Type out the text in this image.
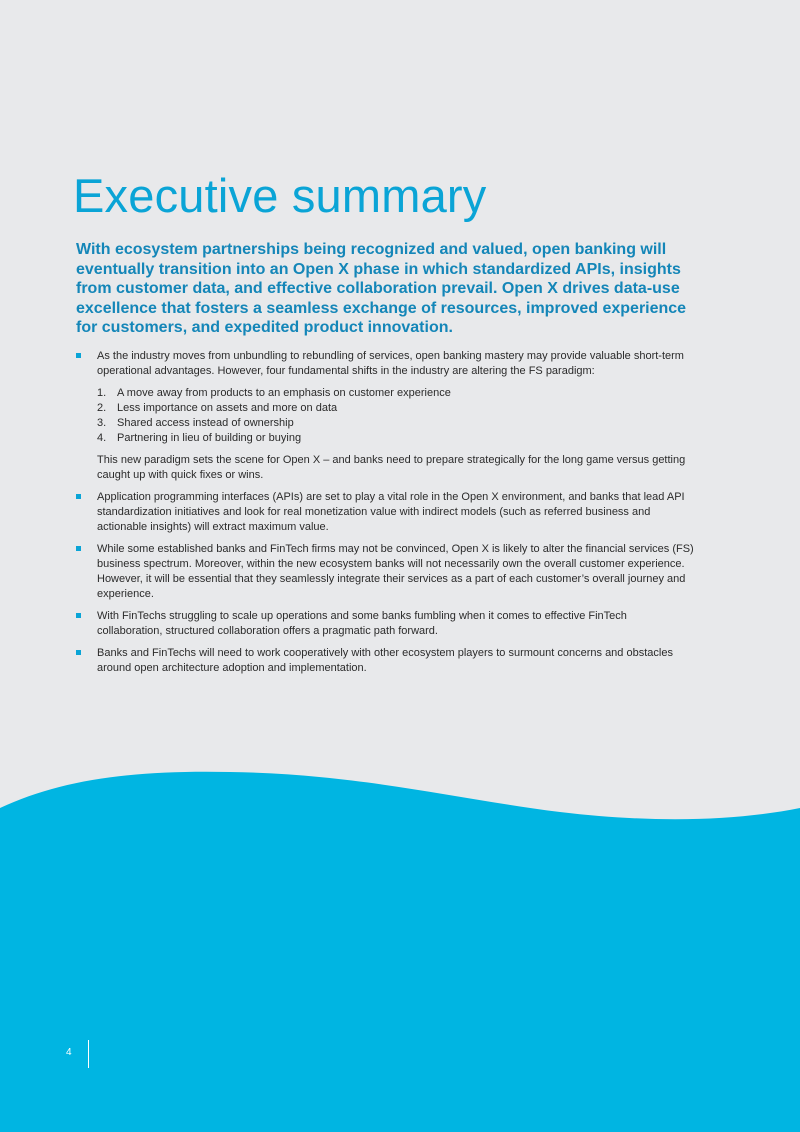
Executive summary

With ecosystem partnerships being recognized and valued, open banking will eventually transition into an Open X phase in which standardized APIs, insights from customer data, and effective collaboration prevail. Open X drives data-use excellence that fosters a seamless exchange of resources, improved experience for customers, and expedited product innovation.

As the industry moves from unbundling to rebundling of services, open banking mastery may provide valuable short-term operational advantages. However, four fundamental shifts in the industry are altering the FS paradigm:

1. A move away from products to an emphasis on customer experience
2. Less importance on assets and more on data
3. Shared access instead of ownership
4. Partnering in lieu of building or buying

This new paradigm sets the scene for Open X – and banks need to prepare strategically for the long game versus getting caught up with quick fixes or wins.

Application programming interfaces (APIs) are set to play a vital role in the Open X environment, and banks that lead API standardization initiatives and look for real monetization value with indirect models (such as referred business and actionable insights) will extract maximum value.

While some established banks and FinTech firms may not be convinced, Open X is likely to alter the financial services (FS) business spectrum. Moreover, within the new ecosystem banks will not necessarily own the overall customer experience. However, it will be essential that they seamlessly integrate their services as a part of each customer’s overall journey and experience.

With FinTechs struggling to scale up operations and some banks fumbling when it comes to effective FinTech collaboration, structured collaboration offers a pragmatic path forward.

Banks and FinTechs will need to work cooperatively with other ecosystem players to surmount concerns and obstacles around open architecture adoption and implementation.

4
